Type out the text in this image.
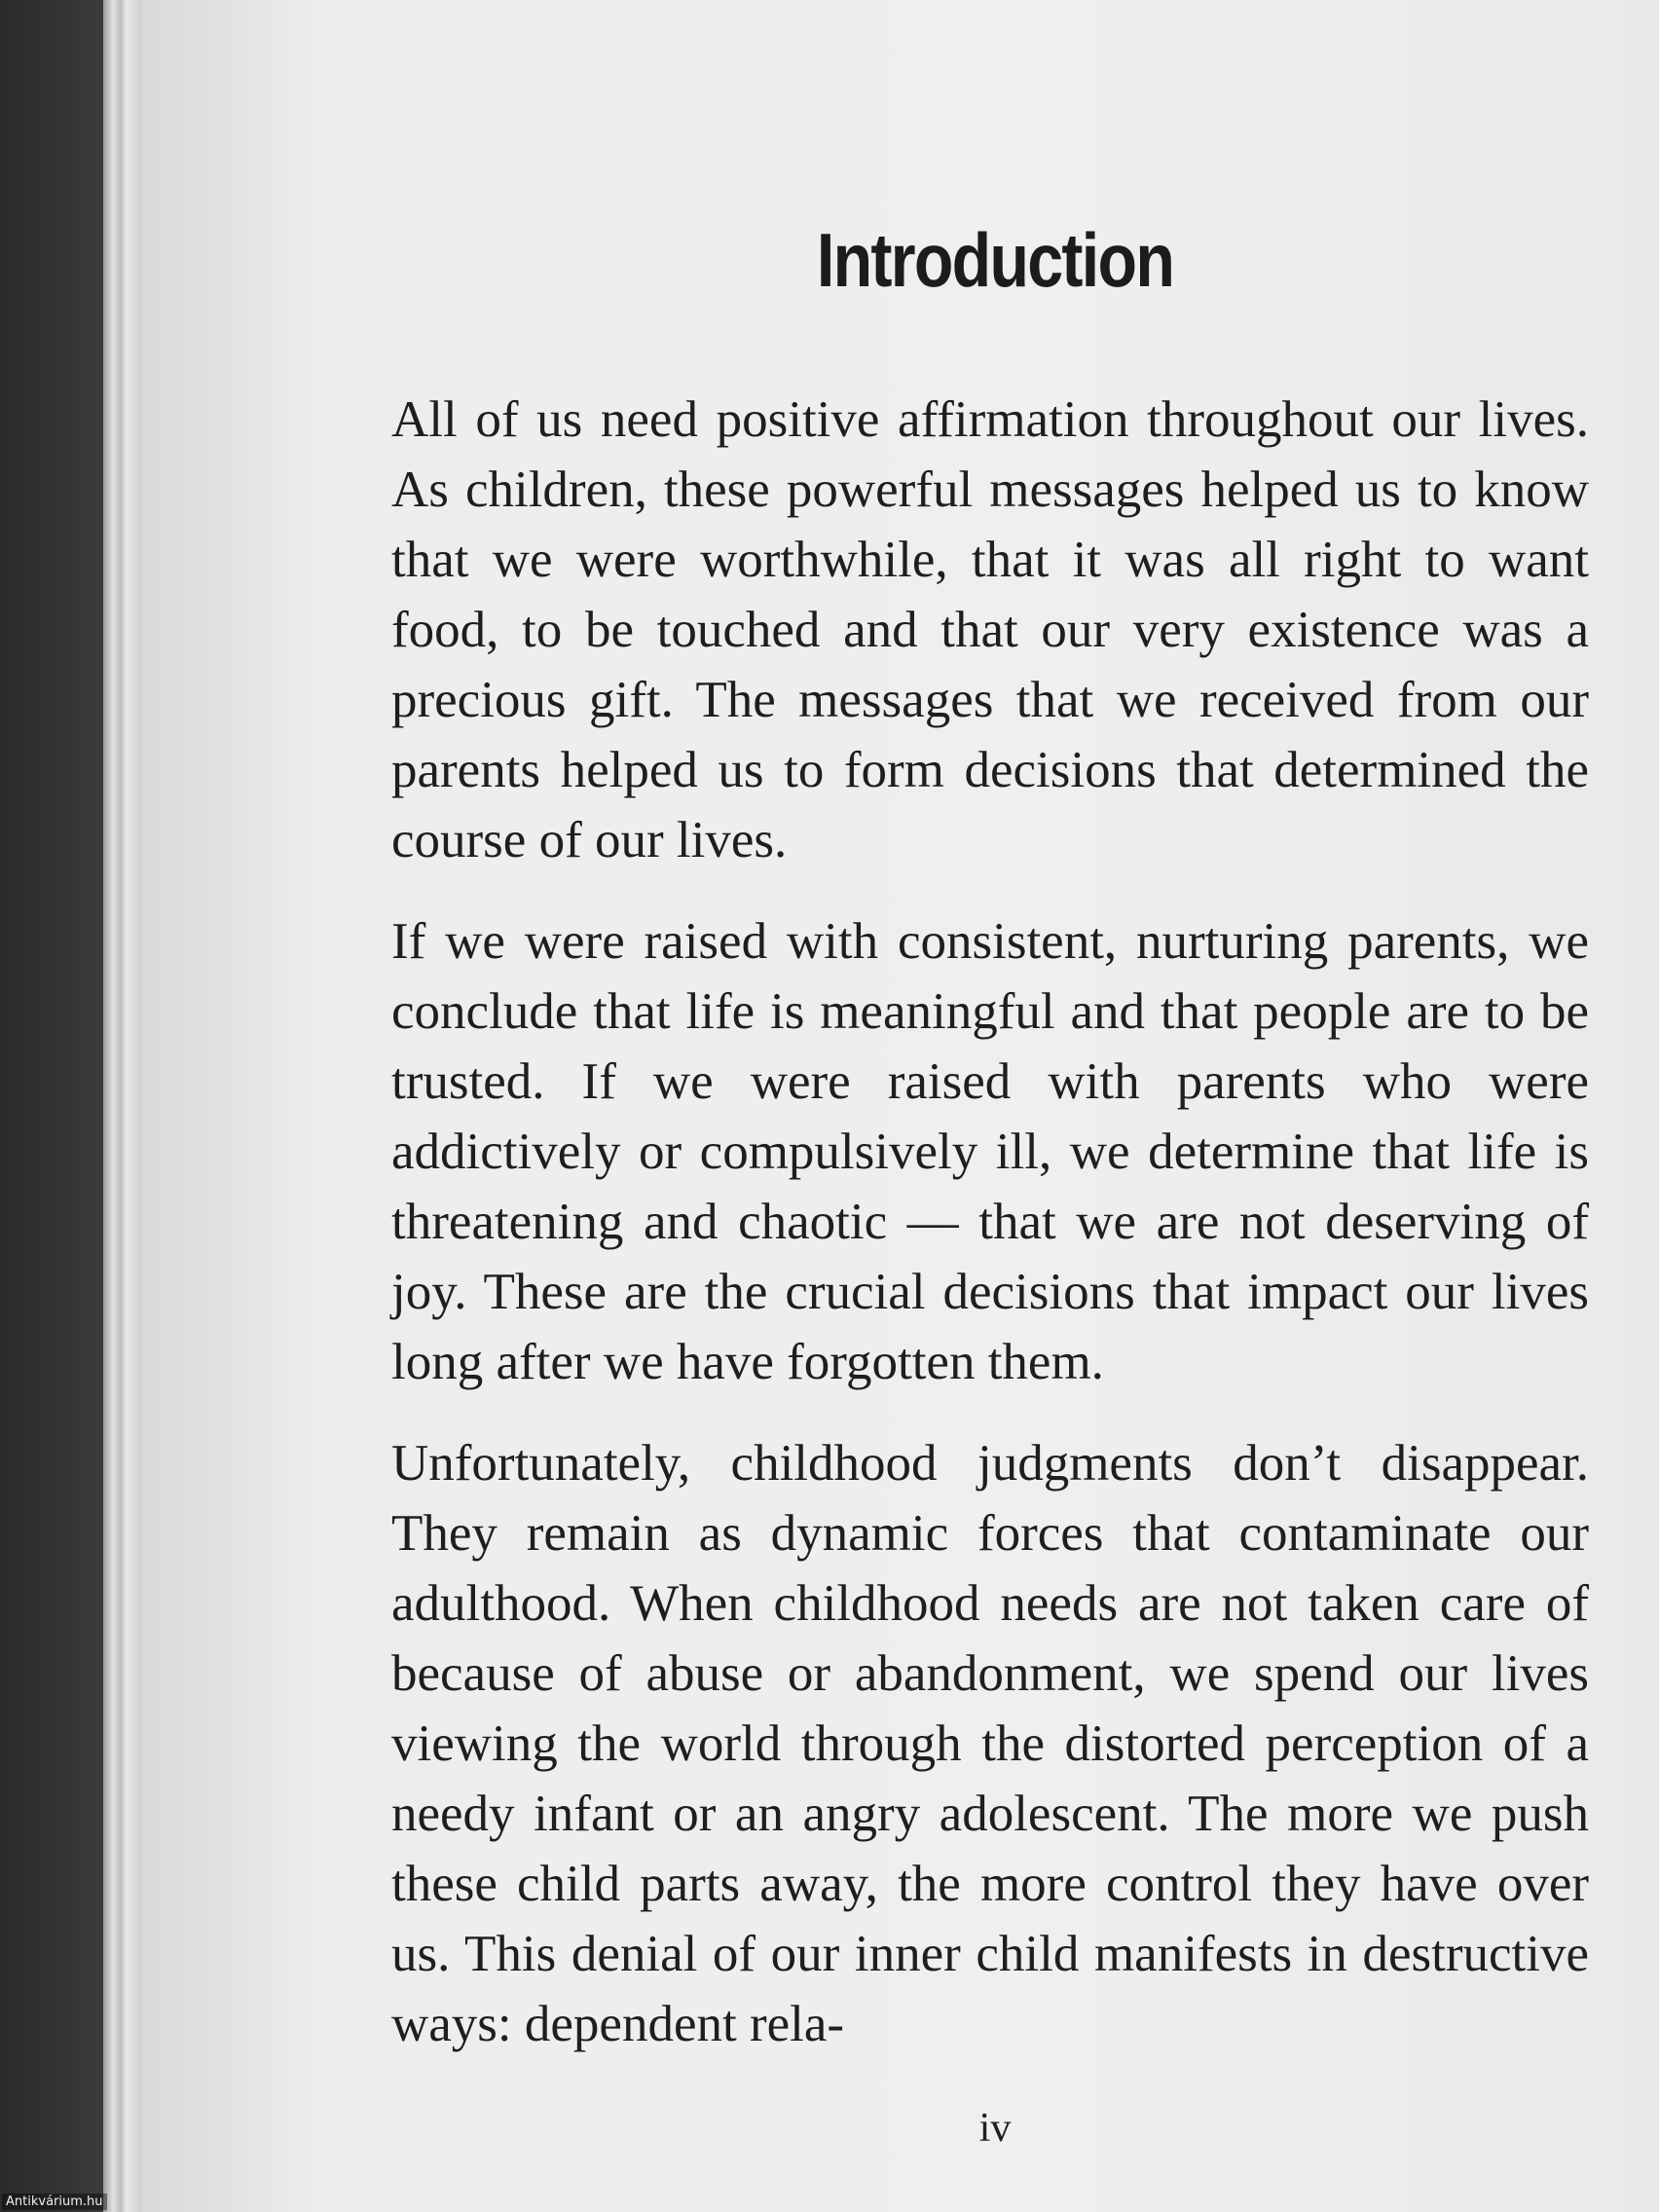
Introduction

All of us need positive affirmation throughout our lives. As children, these powerful messages helped us to know that we were worthwhile, that it was all right to want food, to be touched and that our very existence was a precious gift. The messages that we received from our parents helped us to form decisions that determined the course of our lives.

If we were raised with consistent, nurturing parents, we conclude that life is meaningful and that people are to be trusted. If we were raised with parents who were addictively or compulsively ill, we determine that life is threatening and chaotic — that we are not deserving of joy. These are the crucial decisions that impact our lives long after we have forgotten them.

Unfortunately, childhood judgments don’t disappear. They remain as dynamic forces that contaminate our adulthood. When childhood needs are not taken care of because of abuse or abandonment, we spend our lives viewing the world through the distorted perception of a needy infant or an angry adolescent. The more we push these child parts away, the more control they have over us. This denial of our inner child manifests in destructive ways: dependent rela-

iv
Antikvárium.hu
